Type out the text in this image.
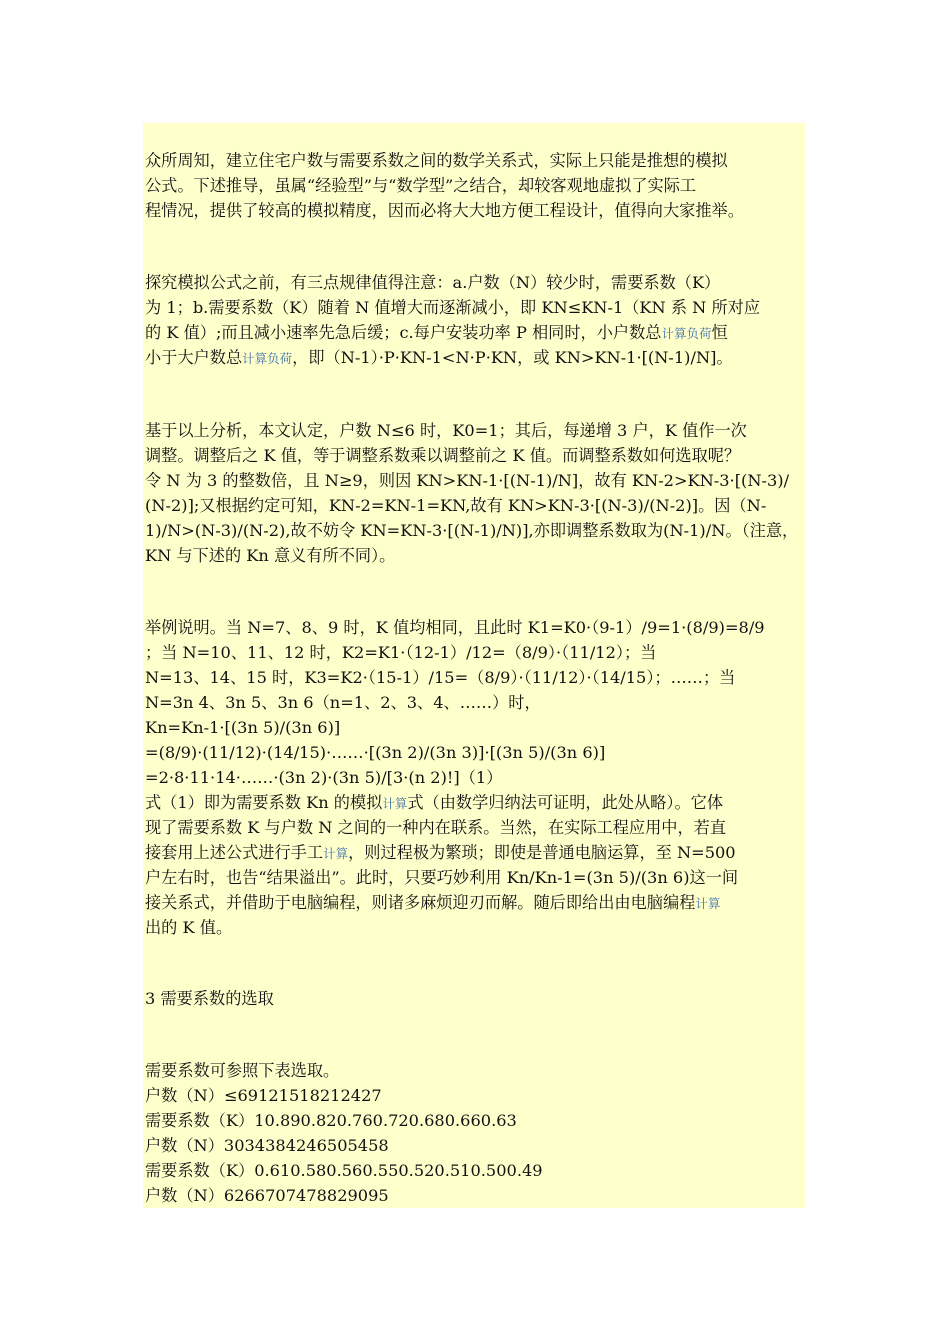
众所周知，建立住宅户数与需要系数之间的数学关系式，实际上只能是推想的模拟
公式。下述推导，虽属“经验型”与“数学型”之结合，却较客观地虚拟了实际工
程情况，提供了较高的模拟精度，因而必将大大地方便工程设计，值得向大家推举。
探究模拟公式之前，有三点规律值得注意：a.户数（N）较少时，需要系数（K）
为 1；b.需要系数（K）随着 N 值增大而逐渐减小，即 KN≤KN-1（KN 系 N 所对应
的 K 值）;而且减小速率先急后缓；c.每户安装功率 P 相同时，小户数总计算负荷恒
小于大户数总计算负荷，即（N-1）·P·KN-1<N·P·KN，或 KN>KN-1·[(N-1)/N]。
基于以上分析，本文认定，户数 N≤6 时，K0=1；其后，每递增 3 户，K 值作一次
调整。调整后之 K 值，等于调整系数乘以调整前之 K 值。而调整系数如何选取呢？
令 N 为 3 的整数倍，且 N≥9，则因 KN>KN-1·[(N-1)/N]，故有 KN-2>KN-3·[(N-3)/
(N-2)];又根据约定可知，KN-2=KN-1=KN,故有 KN>KN-3·[(N-3)/(N-2)]。因（N-
1)/N>(N-3)/(N-2),故不妨令 KN=KN-3·[(N-1)/N)],亦即调整系数取为(N-1)/N。（注意，
KN 与下述的 Kn 意义有所不同）。
举例说明。当 N=7、8、9 时，K 值均相同，且此时 K1=K0·（9-1）/9=1·(8/9)=8/9
；当 N=10、11、12 时，K2=K1·（12-1）/12=（8/9）·（11/12）；当
N=13、14、15 时，K3=K2·（15-1）/15=（8/9）·（11/12）·（14/15）；……；当
N=3n 4、3n 5、3n 6（n=1、2、3、4、……）时，
Kn=Kn-1·[(3n 5)/(3n 6)]
=(8/9)·(11/12)·(14/15)·……·[(3n 2)/(3n 3)]·[(3n 5)/(3n 6)]
=2·8·11·14·……·(3n 2)·(3n 5)/[3·(n 2)!]（1）
式（1）即为需要系数 Kn 的模拟计算式（由数学归纳法可证明，此处从略）。它体
现了需要系数 K 与户数 N 之间的一种内在联系。当然，在实际工程应用中，若直
接套用上述公式进行手工计算，则过程极为繁琐；即使是普通电脑运算，至 N=500
户左右时，也告“结果溢出”。此时，只要巧妙利用 Kn/Kn-1=(3n 5)/(3n 6)这一间
接关系式，并借助于电脑编程，则诸多麻烦迎刃而解。随后即给出由电脑编程计算
出的 K 值。
3 需要系数的选取
需要系数可参照下表选取。
户数（N）≤69121518212427
需要系数（K）10.890.820.760.720.680.660.63
户数（N）3034384246505458
需要系数（K）0.610.580.560.550.520.510.500.49
户数（N）6266707478829095
